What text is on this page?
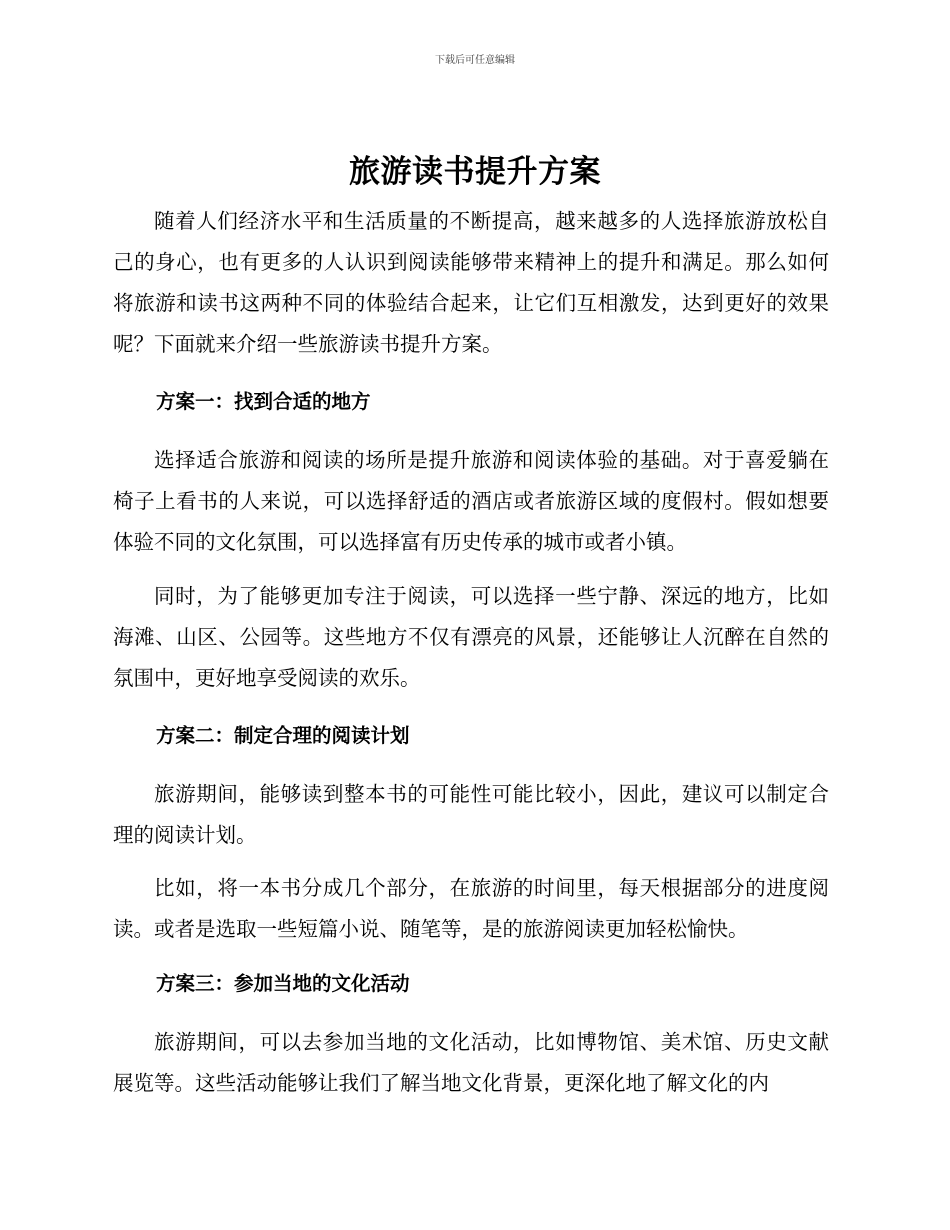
下载后可任意编辑
旅游读书提升方案

随着人们经济水平和生活质量的不断提高，越来越多的人选择旅游放松自己的身心，也有更多的人认识到阅读能够带来精神上的提升和满足。那么如何将旅游和读书这两种不同的体验结合起来，让它们互相激发，达到更好的效果呢？下面就来介绍一些旅游读书提升方案。

方案一：找到合适的地方

选择适合旅游和阅读的场所是提升旅游和阅读体验的基础。对于喜爱躺在椅子上看书的人来说，可以选择舒适的酒店或者旅游区域的度假村。假如想要体验不同的文化氛围，可以选择富有历史传承的城市或者小镇。

同时，为了能够更加专注于阅读，可以选择一些宁静、深远的地方，比如海滩、山区、公园等。这些地方不仅有漂亮的风景，还能够让人沉醉在自然的氛围中，更好地享受阅读的欢乐。

方案二：制定合理的阅读计划

旅游期间，能够读到整本书的可能性可能比较小，因此，建议可以制定合理的阅读计划。

比如，将一本书分成几个部分，在旅游的时间里，每天根据部分的进度阅读。或者是选取一些短篇小说、随笔等，是的旅游阅读更加轻松愉快。

方案三：参加当地的文化活动

旅游期间，可以去参加当地的文化活动，比如博物馆、美术馆、历史文献展览等。这些活动能够让我们了解当地文化背景，更深化地了解文化的内
